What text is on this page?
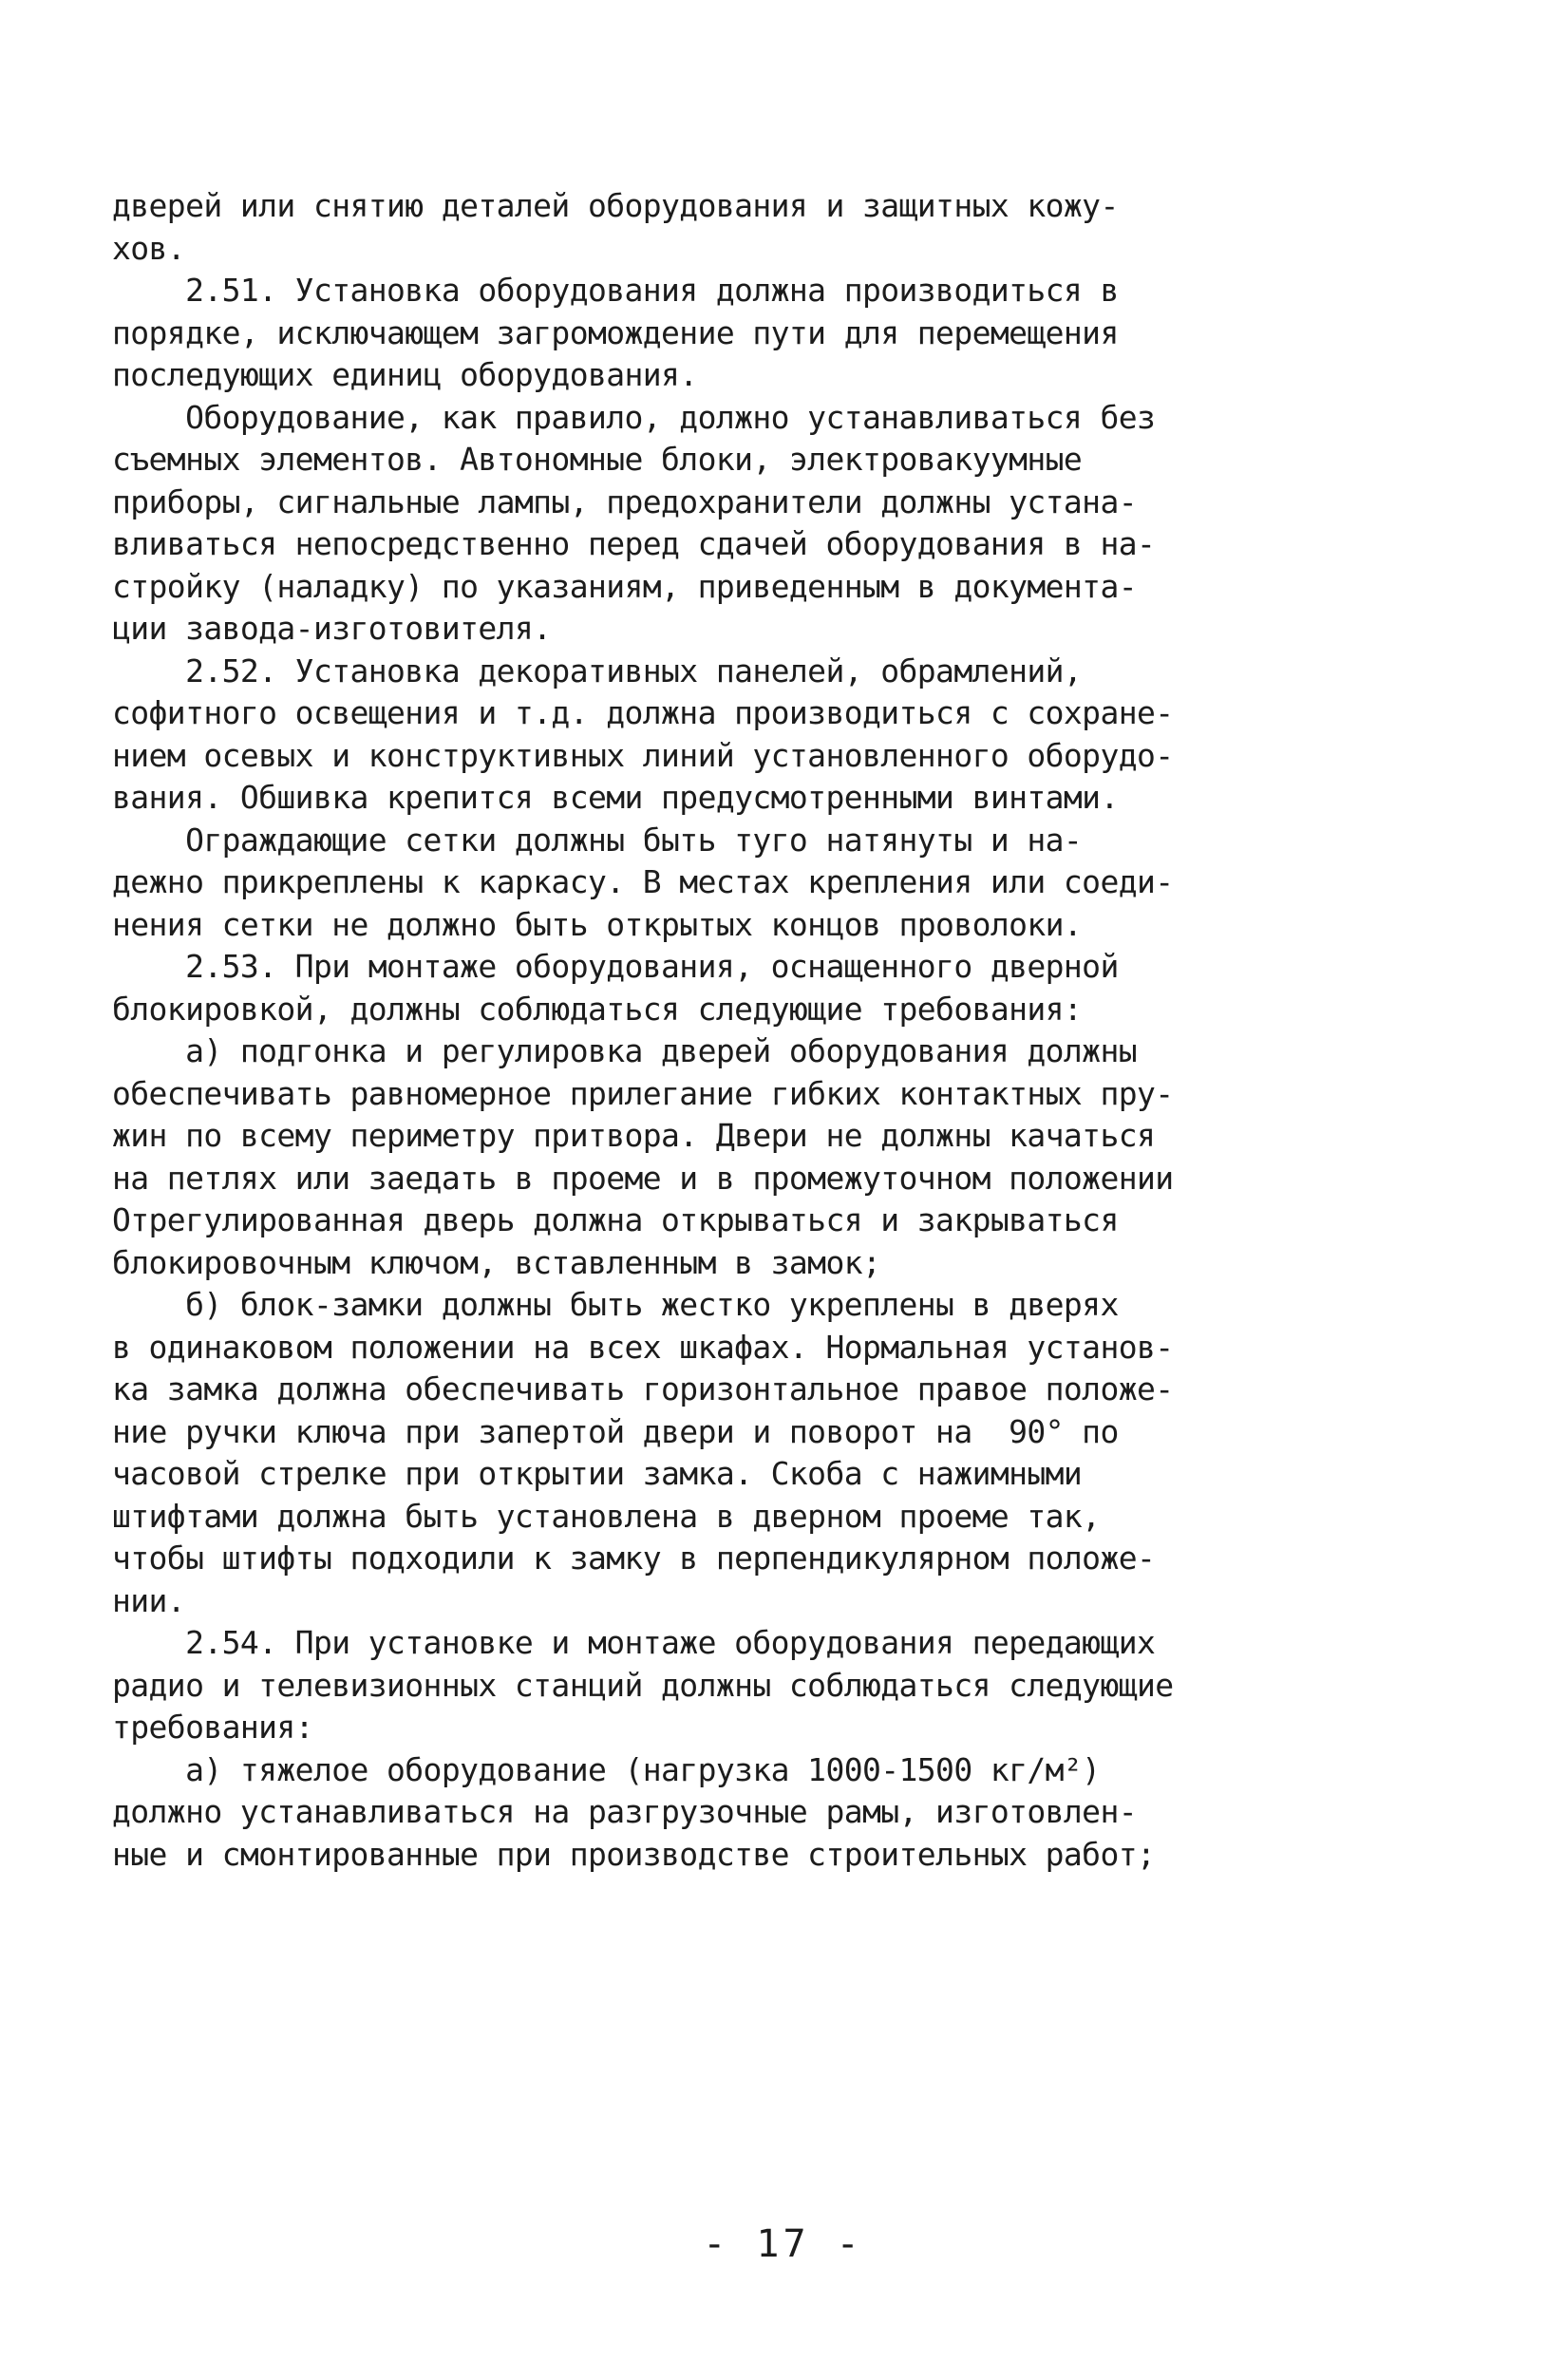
дверей или снятию деталей оборудования и защитных кожу-
хов.
2.51. Установка оборудования должна производиться в
порядке, исключающем загромождение пути для перемещения
последующих единиц оборудования.
Оборудование, как правило, должно устанавливаться без
съемных элементов. Автономные блоки, электровакуумные
приборы, сигнальные лампы, предохранители должны устана-
вливаться непосредственно перед сдачей оборудования в на-
стройку (наладку) по указаниям, приведенным в документа-
ции завода-изготовителя.
2.52. Установка декоративных панелей, обрамлений,
софитного освещения и т.д. должна производиться с сохране-
нием осевых и конструктивных линий установленного оборудо-
вания. Обшивка крепится всеми предусмотренными винтами.
Ограждающие сетки должны быть туго натянуты и на-
дежно прикреплены к каркасу. В местах крепления или соеди-
нения сетки не должно быть открытых концов проволоки.
2.53. При монтаже оборудования, оснащенного дверной
блокировкой, должны соблюдаться следующие требования:
а) подгонка и регулировка дверей оборудования должны
обеспечивать равномерное прилегание гибких контактных пру-
жин по всему периметру притвора. Двери не должны качаться
на петлях или заедать в проеме и в промежуточном положении
Отрегулированная дверь должна открываться и закрываться
блокировочным ключом, вставленным в замок;
б) блок-замки должны быть жестко укреплены в дверях
в одинаковом положении на всех шкафах. Нормальная установ-
ка замка должна обеспечивать горизонтальное правое положе-
ние ручки ключа при запертой двери и поворот на  90° по
часовой стрелке при открытии замка. Скоба с нажимными
штифтами должна быть установлена в дверном проеме так,
чтобы штифты подходили к замку в перпендикулярном положе-
нии.
2.54. При установке и монтаже оборудования передающих
радио и телевизионных станций должны соблюдаться следующие
требования:
а) тяжелое оборудование (нагрузка 1000-1500 кг/м²)
должно устанавливаться на разгрузочные рамы, изготовлен-
ные и смонтированные при производстве строительных работ;
- 17 -
